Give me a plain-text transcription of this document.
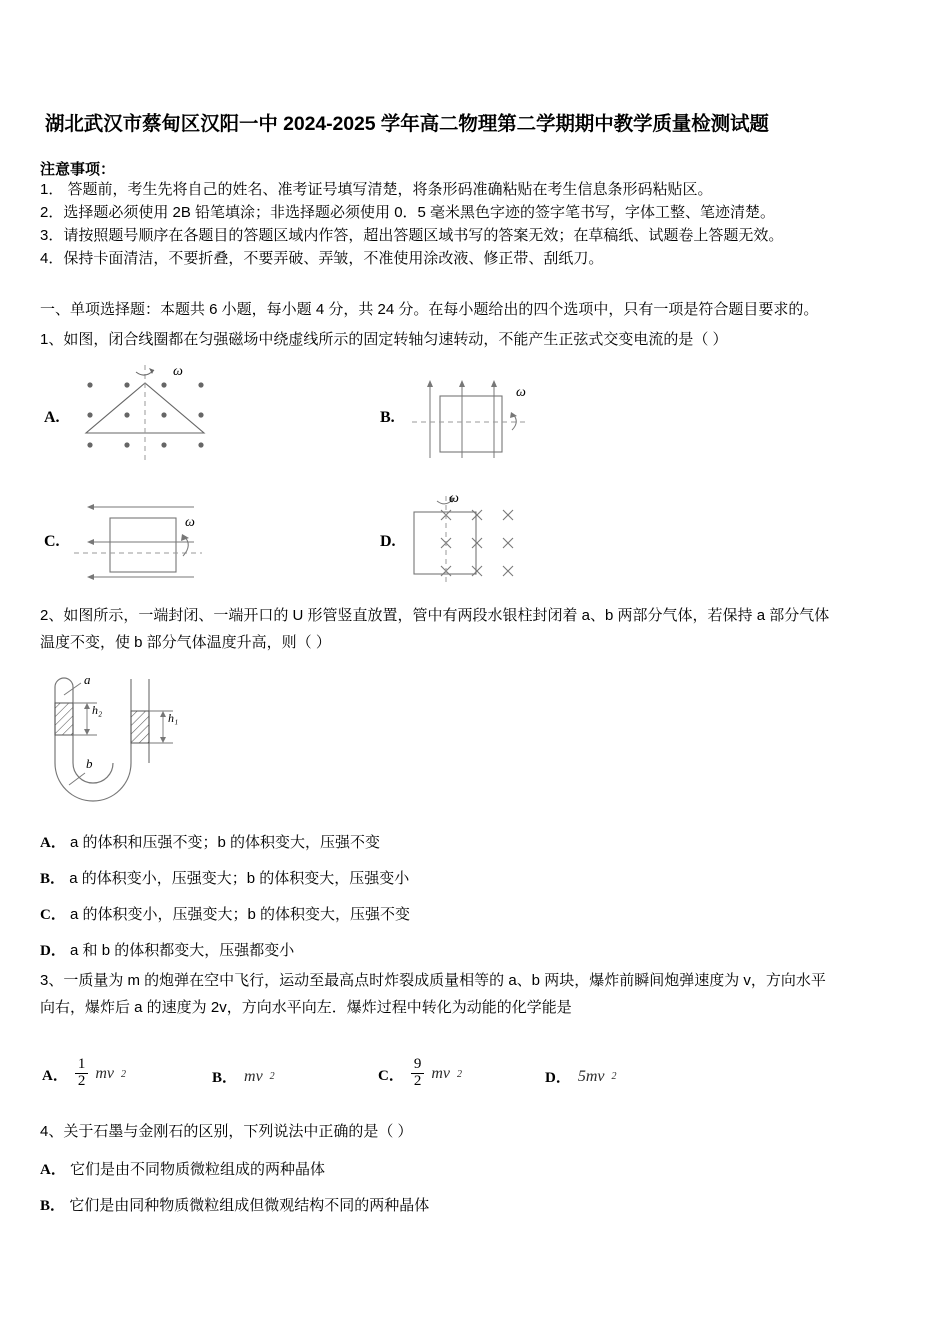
湖北武汉市蔡甸区汉阳一中 2024-2025 学年高二物理第二学期期中教学质量检测试题
注意事项：
1． 答题前，考生先将自己的姓名、准考证号填写清楚，将条形码准确粘贴在考生信息条形码粘贴区。
2．选择题必须使用 2B 铅笔填涂；非选择题必须使用 0．5 毫米黑色字迹的签字笔书写，字体工整、笔迹清楚。
3．请按照题号顺序在各题目的答题区域内作答，超出答题区域书写的答案无效；在草稿纸、试题卷上答题无效。
4．保持卡面清洁，不要折叠，不要弄破、弄皱，不准使用涂改液、修正带、刮纸刀。
一、单项选择题：本题共 6 小题，每小题 4 分，共 24 分。在每小题给出的四个选项中，只有一项是符合题目要求的。
1、如图，闭合线圈都在匀强磁场中绕虚线所示的固定转轴匀速转动，不能产生正弦式交变电流的是（ ）
A.
ω
B.
ω
C.
ω
D.
ω
2、如图所示，一端封闭、一端开口的 U 形管竖直放置，管中有两段水银柱封闭着 a、b 两部分气体，若保持 a 部分气体
温度不变，使 b 部分气体温度升高，则（ ）
a
b
h₂
h₁
A． a 的体积和压强不变；b 的体积变大，压强不变
B． a 的体积变小，压强变大；b 的体积变大，压强变小
C． a 的体积变小，压强变大；b 的体积变大，压强不变
D． a 和 b 的体积都变大，压强都变小
3、一质量为 m 的炮弹在空中飞行，运动至最高点时炸裂成质量相等的 a、b 两块，爆炸前瞬间炮弹速度为 v，方向水平
向右，爆炸后 a 的速度为 2v，方向水平向左．爆炸过程中转化为动能的化学能是
A． $\frac{1}{2}$ mv 2	B． mv 2	C． $\frac{9}{2}$ mv 2	D． 5mv 2
4、关于石墨与金刚石的区别，下列说法中正确的是（ ）
A． 它们是由不同物质微粒组成的两种晶体
B． 它们是由同种物质微粒组成但微观结构不同的两种晶体
